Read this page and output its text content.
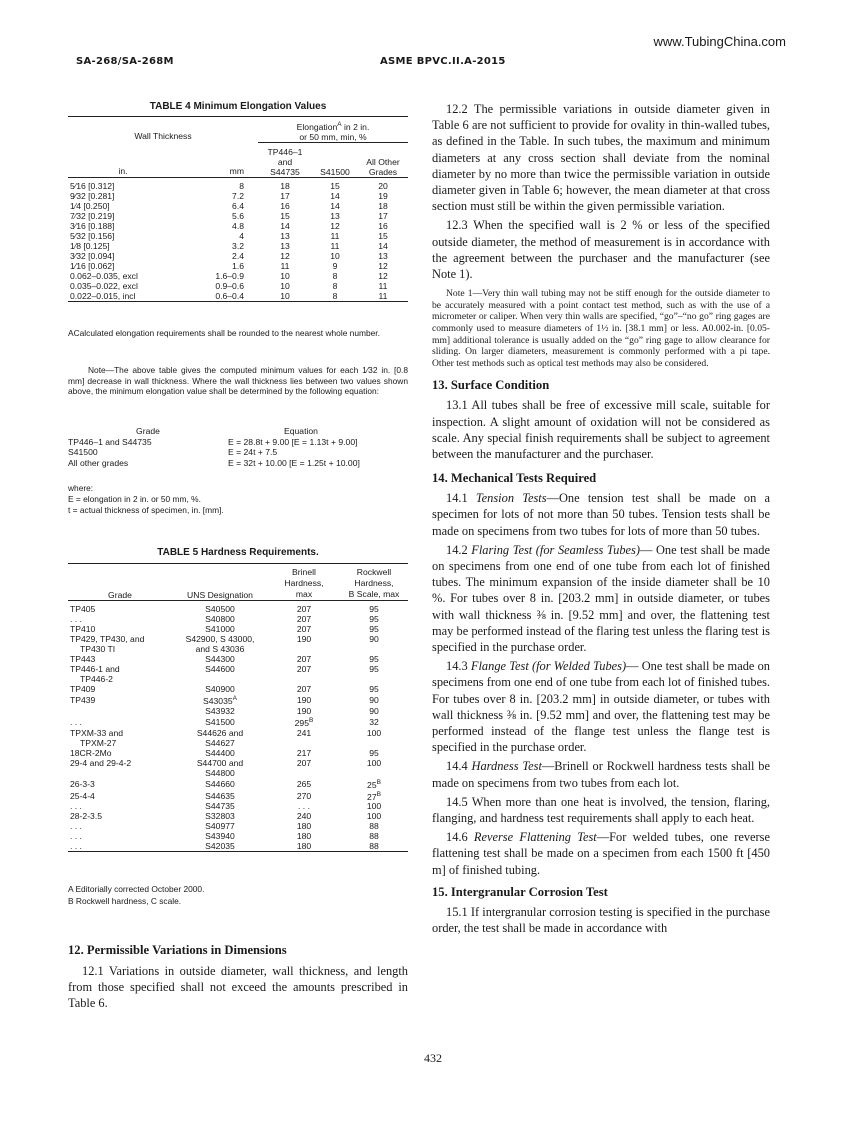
www.TubingChina.com
SA-268/SA-268M	ASME BPVC.II.A-2015
TABLE 4 Minimum Elongation Values
Wall Thickness		Elongation$^A$ in 2 in.
or 50 mm, min, %		
in.	mm	TP446–1
and
S44735	S41500	All Other
Grades
5⁄16 [0.312]	8	18	15	20
9⁄32 [0.281]	7.2	17	14	19
1⁄4 [0.250]	6.4	16	14	18
7⁄32 [0.219]	5.6	15	13	17
3⁄16 [0.188]	4.8	14	12	16
5⁄32 [0.156]	4	13	11	15
1⁄8 [0.125]	3.2	13	11	14
3⁄32 [0.094]	2.4	12	10	13
1⁄16 [0.062]	1.6	11	9	12
0.062–0.035, excl	1.6–0.9	10	8	12
0.035–0.022, excl	0.9–0.6	10	8	11
0.022–0.015, incl	0.6–0.4	10	8	11
ACalculated elongation requirements shall be rounded to the nearest whole number.
Note—The above table gives the computed minimum values for each 1⁄32 in. [0.8 mm] decrease in wall thickness. Where the wall thickness lies between two values shown above, the minimum elongation value shall be determined by the following equation:
Grade	Equation
TP446–1 and S44735	E = 28.8t + 9.00 [E = 1.13t + 9.00]
S41500	E = 24t + 7.5
All other grades	E = 32t + 10.00 [E = 1.25t + 10.00]
where:
E = elongation in 2 in. or 50 mm, %.
t = actual thickness of specimen, in. [mm].
TABLE 5 Hardness Requirements.
Grade	UNS Designation	Brinell
Hardness,
max	Rockwell
Hardness,
B Scale, max
TP405	S40500	207	95
. . .	S40800	207	95
TP410	S41000	207	95
TP429, TP430, and	S42900, S 43000,	190	90
TP430 TI	and S 43036		
TP443	S44300	207	95
TP446-1 and	S44600	207	95
TP446-2			
TP409	S40900	207	95
TP439	$S43035^A$	190	90
	S43932	190	90
. . .	S41500	$295^B$	32
TPXM-33 and	S44626 and	241	100
TPXM-27	S44627		
18CR-2Mo	S44400	217	95
29-4 and 29-4-2	S44700 and	207	100
	S44800		
26-3-3	S44660	265	$25^B$
25-4-4	S44635	270	$27^B$
. . .	S44735	. . .	100
28-2-3.5	S32803	240	100
. . .	S40977	180	88
. . .	S43940	180	88
. . .	S42035	180	88
A Editorially corrected October 2000.
B Rockwell hardness, C scale.
12. Permissible Variations in Dimensions

12.1 Variations in outside diameter, wall thickness, and length from those specified shall not exceed the amounts prescribed in Table 6.

12.2 The permissible variations in outside diameter given in Table 6 are not sufficient to provide for ovality in thin-walled tubes, as defined in the Table. In such tubes, the maximum and minimum diameters at any cross section shall deviate from the nominal diameter by no more than twice the permissible variation in outside diameter given in Table 6; however, the mean diameter at that cross section must still be within the given permissible variation.

12.3 When the specified wall is 2 % or less of the specified outside diameter, the method of measurement is in accordance with the agreement between the purchaser and the manufacturer (see Note 1).

Note 1—Very thin wall tubing may not be stiff enough for the outside diameter to be accurately measured with a point contact test method, such as with the use of a micrometer or caliper. When very thin walls are specified, “go”–“no go” ring gages are commonly used to measure diameters of 1½ in. [38.1 mm] or less. A0.002-in. [0.05-mm] additional tolerance is usually added on the “go” ring gage to allow clearance for sliding. On larger diameters, measurement is commonly performed with a pi tape. Other test methods such as optical test methods may also be considered.
13. Surface Condition

13.1 All tubes shall be free of excessive mill scale, suitable for inspection. A slight amount of oxidation will not be considered as scale. Any special finish requirements shall be subject to agreement between the manufacturer and the purchaser.

14. Mechanical Tests Required

14.1 Tension Tests—One tension test shall be made on a specimen for lots of not more than 50 tubes. Tension tests shall be made on specimens from two tubes for lots of more than 50 tubes.

14.2 Flaring Test (for Seamless Tubes)— One test shall be made on specimens from one end of one tube from each lot of finished tubes. The minimum expansion of the inside diameter shall be 10 %. For tubes over 8 in. [203.2 mm] in outside diameter, or tubes with wall thickness ⅜ in. [9.52 mm] and over, the flattening test may be performed instead of the flaring test unless the flaring test is specified in the purchase order.

14.3 Flange Test (for Welded Tubes)— One test shall be made on specimens from one end of one tube from each lot of finished tubes. For tubes over 8 in. [203.2 mm] in outside diameter, or tubes with wall thickness ⅜ in. [9.52 mm] and over, the flattening test may be performed instead of the flange test unless the flange test is specified in the purchase order.

14.4 Hardness Test—Brinell or Rockwell hardness tests shall be made on specimens from two tubes from each lot.

14.5 When more than one heat is involved, the tension, flaring, flanging, and hardness test requirements shall apply to each heat.

14.6 Reverse Flattening Test—For welded tubes, one reverse flattening test shall be made on a specimen from each 1500 ft [450 m] of finished tubing.

15. Intergranular Corrosion Test

15.1 If intergranular corrosion testing is specified in the purchase order, the test shall be made in accordance with

432
